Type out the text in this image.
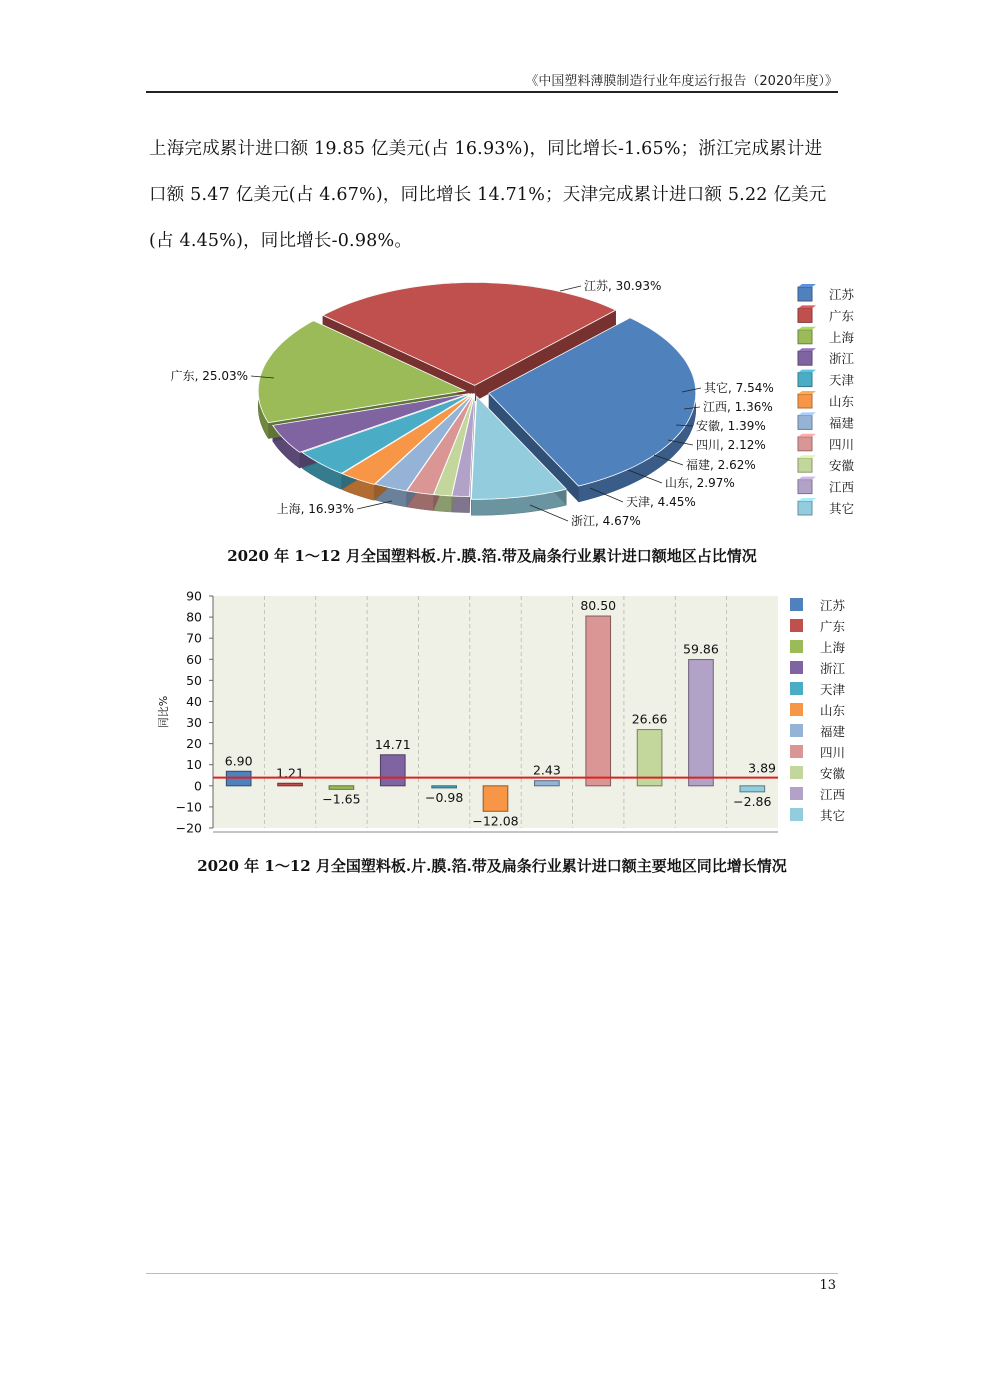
《中国塑料薄膜制造行业年度运行报告（2020年度）》

上海完成累计进口额 19.85 亿美元(占 16.93%)，同比增长-1.65%；浙江完成累计进口额 5.47 亿美元(占 4.67%)，同比增长 14.71%；天津完成累计进口额 5.22 亿美元(占 4.45%)，同比增长-0.98%。

江苏, 30.93%
其它, 7.54%
江西, 1.36%
安徽, 1.39%
四川, 2.12%
福建, 2.62%
山东, 2.97%
天津, 4.45%
浙江, 4.67%
上海, 16.93%
广东, 25.03%
江苏
广东
上海
浙江
天津
山东
福建
四川
安徽
江西
其它
2020 年 1～12 月全国塑料板.片.膜.箔.带及扁条行业累计进口额地区占比情况
90
80
70
60
50
40
30
20
10
0
−10
−20
同比%
6.90
1.21
−1.65
14.71
−0.98
−12.08
2.43
80.50
26.66
59.86
−2.86
3.89
江苏
广东
上海
浙江
天津
山东
福建
四川
安徽
江西
其它
2020 年 1～12 月全国塑料板.片.膜.箔.带及扁条行业累计进口额主要地区同比增长情况
13
